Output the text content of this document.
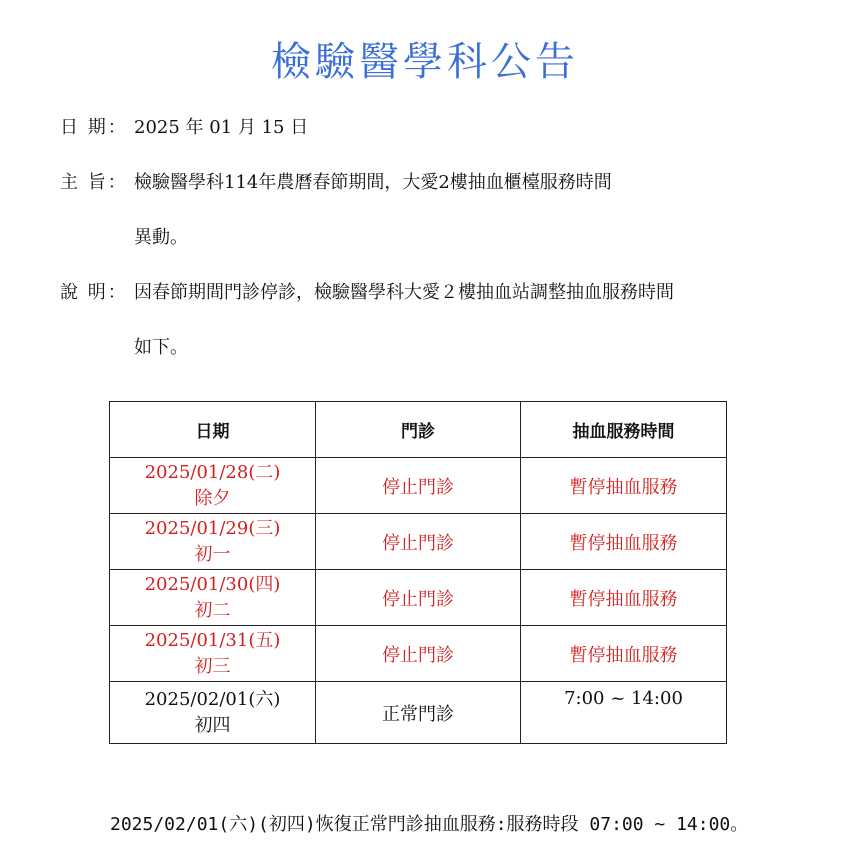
檢驗醫學科公告
日 期： 2025 年 01 月 15 日
主 旨： 檢驗醫學科114年農曆春節期間，大愛2樓抽血櫃檯服務時間
異動。
說 明： 因春節期間門診停診，檢驗醫學科大愛２樓抽血站調整抽血服務時間
如下。
日期	門診	抽血服務時間

2025/01/28(二)
除夕	停止門診	暫停抽血服務

2025/01/29(三)
初一	停止門診	暫停抽血服務

2025/01/30(四)
初二	停止門診	暫停抽血服務

2025/01/31(五)
初三	停止門診	暫停抽血服務

2025/02/01(六)
初四	正常門診	7:00 ~ 14:00
2025/02/01(六)(初四)恢復正常門診抽血服務:服務時段 07:00 ~ 14:00。
